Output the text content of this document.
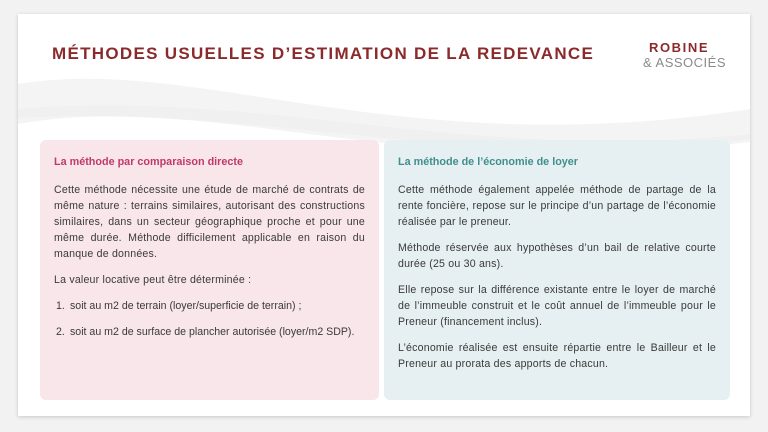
MÉTHODES USUELLES D’ESTIMATION DE LA REDEVANCE	ROBINE
& ASSOCIÉS
La méthode par comparaison directe

Cette méthode nécessite une étude de marché de contrats de même nature : terrains similaires, autorisant des constructions similaires, dans un secteur géographique proche et pour une même durée. Méthode difficilement applicable en raison du manque de données.

La valeur locative peut être déterminée :

1. soit au m2 de terrain (loyer/superficie de terrain) ;
2. soit au m2 de surface de plancher autorisée (loyer/m2 SDP).
La méthode de l’économie de loyer

Cette méthode également appelée méthode de partage de la rente foncière, repose sur le principe d’un partage de l’économie réalisée par le preneur.

Méthode réservée aux hypothèses d’un bail de relative courte durée (25 ou 30 ans).

Elle repose sur la différence existante entre le loyer de marché de l’immeuble construit et le coût annuel de l’immeuble pour le Preneur (financement inclus).

L’économie réalisée est ensuite répartie entre le Bailleur et le Preneur au prorata des apports de chacun.
